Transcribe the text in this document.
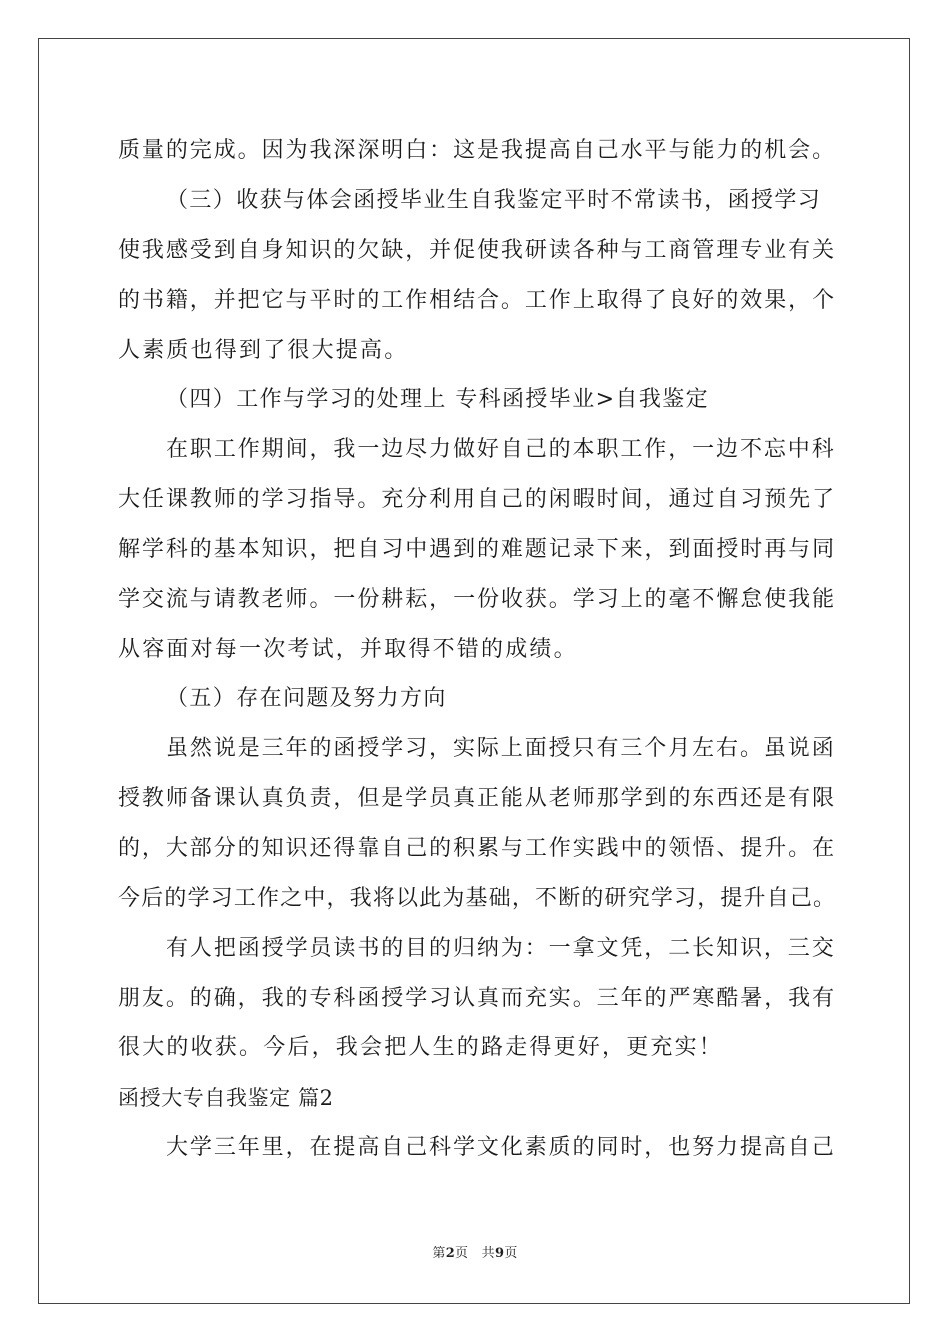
质量的完成。因为我深深明白：这是我提高自己水平与能力的机会。
（三）收获与体会函授毕业生自我鉴定平时不常读书，函授学习
使我感受到自身知识的欠缺，并促使我研读各种与工商管理专业有关
的书籍，并把它与平时的工作相结合。工作上取得了良好的效果，个
人素质也得到了很大提高。
（四）工作与学习的处理上 专科函授毕业>自我鉴定
在职工作期间，我一边尽力做好自己的本职工作，一边不忘中科
大任课教师的学习指导。充分利用自己的闲暇时间，通过自习预先了
解学科的基本知识，把自习中遇到的难题记录下来，到面授时再与同
学交流与请教老师。一份耕耘，一份收获。学习上的毫不懈怠使我能
从容面对每一次考试，并取得不错的成绩。
（五）存在问题及努力方向
虽然说是三年的函授学习，实际上面授只有三个月左右。虽说函
授教师备课认真负责，但是学员真正能从老师那学到的东西还是有限
的，大部分的知识还得靠自己的积累与工作实践中的领悟、提升。在
今后的学习工作之中，我将以此为基础，不断的研究学习，提升自己。
有人把函授学员读书的目的归纳为：一拿文凭，二长知识，三交
朋友。的确，我的专科函授学习认真而充实。三年的严寒酷暑，我有
很大的收获。今后，我会把人生的路走得更好，更充实！
函授大专自我鉴定 篇2
大学三年里，在提高自己科学文化素质的同时，也努力提高自己
第2页   共9页
